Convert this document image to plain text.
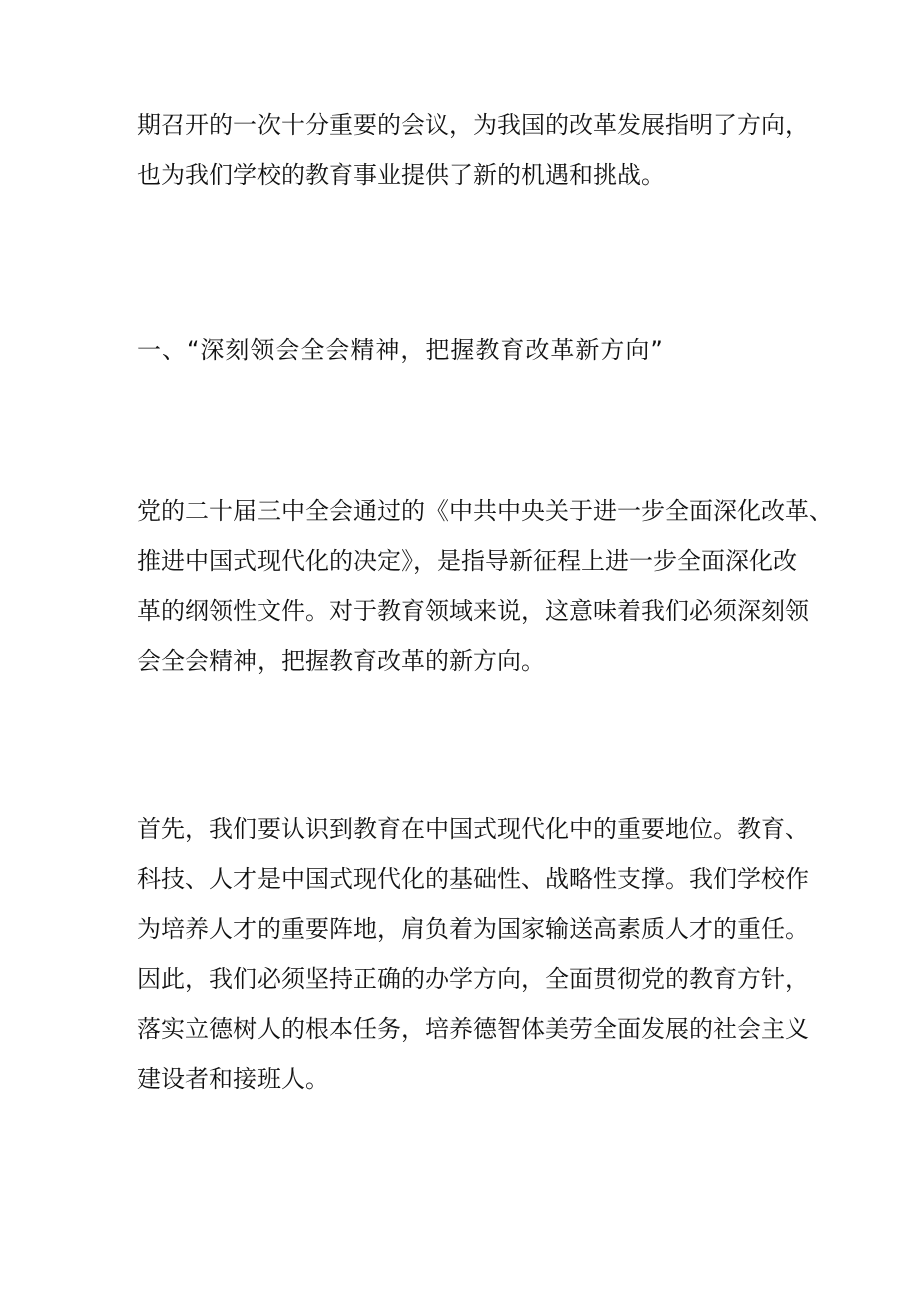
期召开的一次十分重要的会议，为我国的改革发展指明了方向，

也为我们学校的教育事业提供了新的机遇和挑战。

一、“深刻领会全会精神，把握教育改革新方向”

党的二十届三中全会通过的《中共中央关于进一步全面深化改革、

推进中国式现代化的决定》，是指导新征程上进一步全面深化改

革的纲领性文件。对于教育领域来说，这意味着我们必须深刻领

会全会精神，把握教育改革的新方向。

首先，我们要认识到教育在中国式现代化中的重要地位。教育、

科技、人才是中国式现代化的基础性、战略性支撑。我们学校作

为培养人才的重要阵地，肩负着为国家输送高素质人才的重任。

因此，我们必须坚持正确的办学方向，全面贯彻党的教育方针，

落实立德树人的根本任务，培养德智体美劳全面发展的社会主义

建设者和接班人。
